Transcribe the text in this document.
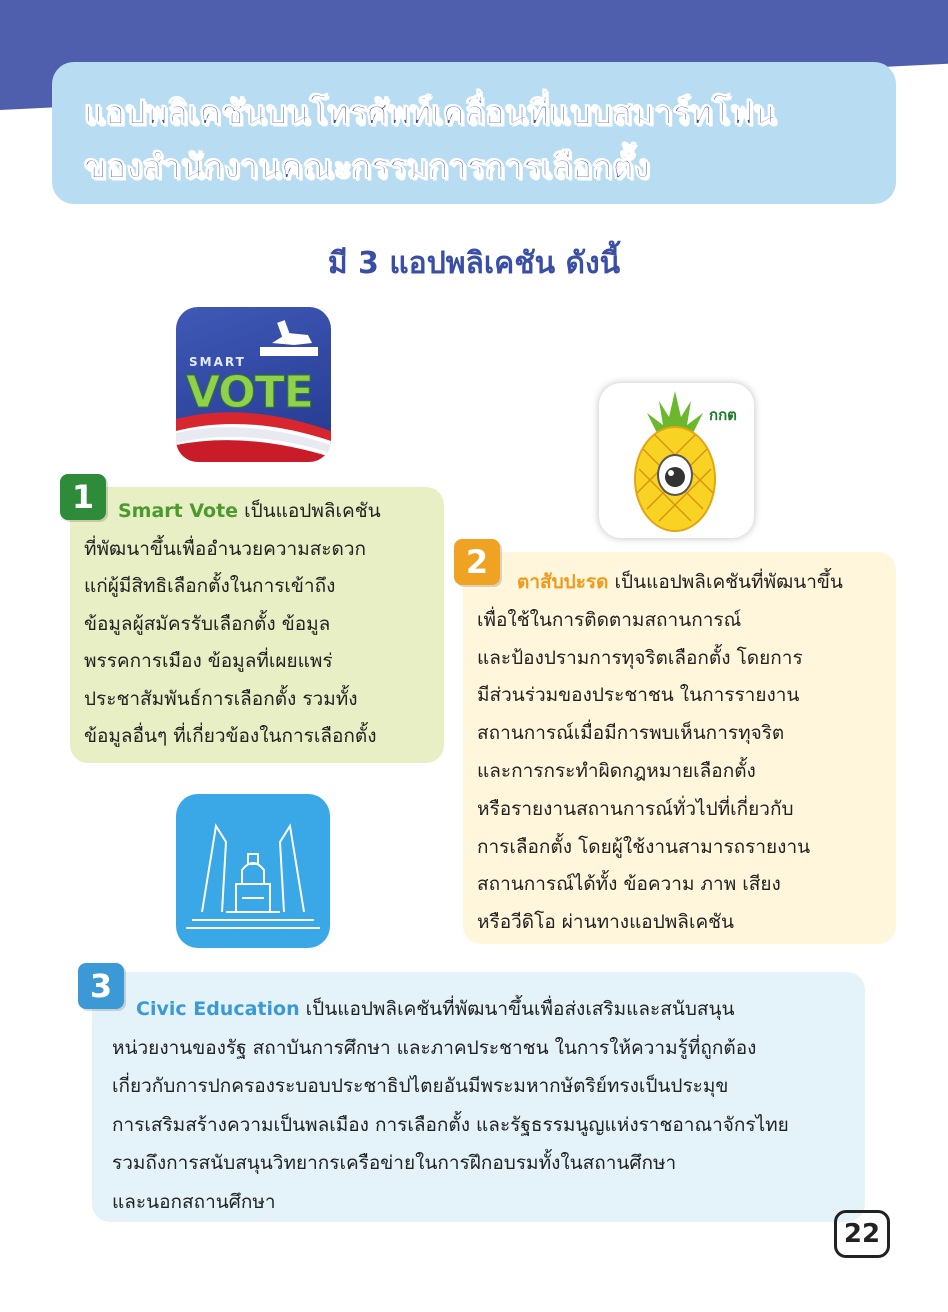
แอปพลิเคชันบนโทรศัพท์เคลื่อนที่แบบสมาร์ทโฟน
ของสำนักงานคณะกรรมการการเลือกตั้ง
มี 3 แอปพลิเคชัน ดังนี้
SMART
VOTE	กกต
1	Smart Vote เป็นแอปพลิเคชัน
ที่พัฒนาขึ้นเพื่ออำนวยความสะดวก
แก่ผู้มีสิทธิเลือกตั้งในการเข้าถึง
ข้อมูลผู้สมัครรับเลือกตั้ง ข้อมูล
พรรคการเมือง ข้อมูลที่เผยแพร่
ประชาสัมพันธ์การเลือกตั้ง รวมทั้ง
ข้อมูลอื่นๆ ที่เกี่ยวข้องในการเลือกตั้ง
2
ตาสับปะรด เป็นแอปพลิเคชันที่พัฒนาขึ้น
เพื่อใช้ในการติดตามสถานการณ์
และป้องปรามการทุจริตเลือกตั้ง โดยการ
มีส่วนร่วมของประชาชน ในการรายงาน
สถานการณ์เมื่อมีการพบเห็นการทุจริต
และการกระทำผิดกฎหมายเลือกตั้ง
หรือรายงานสถานการณ์ทั่วไปที่เกี่ยวกับ
การเลือกตั้ง โดยผู้ใช้งานสามารถรายงาน
สถานการณ์ได้ทั้ง ข้อความ ภาพ เสียง
หรือวีดิโอ ผ่านทางแอปพลิเคชัน
3
Civic Education เป็นแอปพลิเคชันที่พัฒนาขึ้นเพื่อส่งเสริมและสนับสนุน
หน่วยงานของรัฐ สถาบันการศึกษา และภาคประชาชน ในการให้ความรู้ที่ถูกต้อง
เกี่ยวกับการปกครองระบอบประชาธิปไตยอันมีพระมหากษัตริย์ทรงเป็นประมุข
การเสริมสร้างความเป็นพลเมือง การเลือกตั้ง และรัฐธรรมนูญแห่งราชอาณาจักรไทย
รวมถึงการสนับสนุนวิทยากรเครือข่ายในการฝึกอบรมทั้งในสถานศึกษา
และนอกสถานศึกษา
22
